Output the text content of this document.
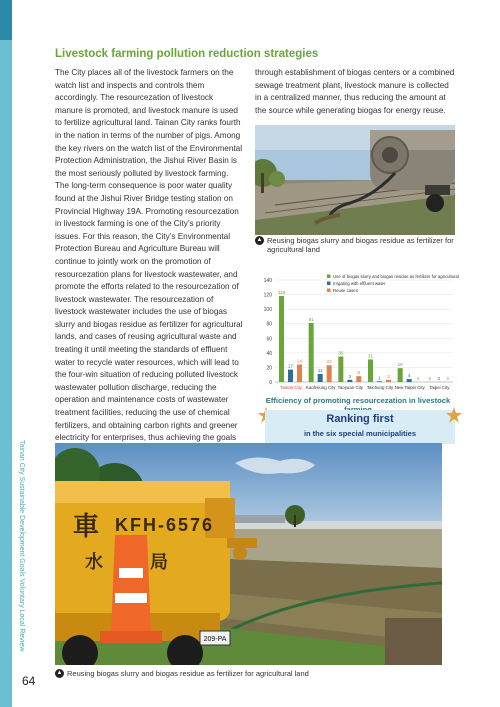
Tainan City Sustainable Development Goals Voluntary Local Review
64
Livestock farming pollution reduction strategies
The City places all of the livestock farmers on the watch list and inspects and controls them accordingly. The resourcezation of livestock manure is promoted, and livestock manure is used to fertilize agricultural land. Tainan City ranks fourth in the nation in terms of the number of pigs. Among the key rivers on the watch list of the Environmental Protection Administration, the Jishui River Basin is the most seriously polluted by livestock farming. The long-term consequence is poor water quality found at the Jishui River Bridge testing station on Provincial Highway 19A. Promoting resourcezation in livestock farming is one of the City’s priority issues. For this reason, the City’s Environmental Protection Bureau and Agriculture Bureau will continue to jointly work on the promotion of resourcezation plans for livestock wastewater, and promote the efforts related to the resourcezation of livestock wastewater. The resourcezation of livestock wastewater includes the use of biogas slurry and biogas residue as fertilizer for agricultural lands, and cases of reusing agricultural waste and treating it until meeting the standards of effluent water to recycle water resources, which will lead to the four-win situation of reducing polluted livestock wastewater pollution discharge, reducing the operation and maintenance costs of wastewater treatment facilities, reducing the use of chemical fertilizers, and obtaining carbon rights and greener electricity for enterprises, thus achieving the goals
through establishment of biogas centers or a combined sewage treatment plant, livestock manure is collected in a centralized manner, thus reducing the amount at the source while generating biogas for energy reuse.
▲ Reusing biogas slurry and biogas residue as fertilizer for agricultural land
0
20
40
60
80
100
120
140
118
17
24
Tainan City
81
11
23
Kaohsiung City
35
3
8
Taoyuan City
31
1 3
Taichung City
19
4
0
New Taipei City
0 0 0
Taipei City
Use of biogas slurry and biogas residue as fertilizer for agricultural land
Irrigating with effluent water
Reuse cases
Efficiency of promoting resourcezation in livestock
Ranking first
in the six special municipalities
209-PA
車 KFH-6576
水	局
▲ Reusing biogas slurry and biogas residue as fertilizer for agricultural land
